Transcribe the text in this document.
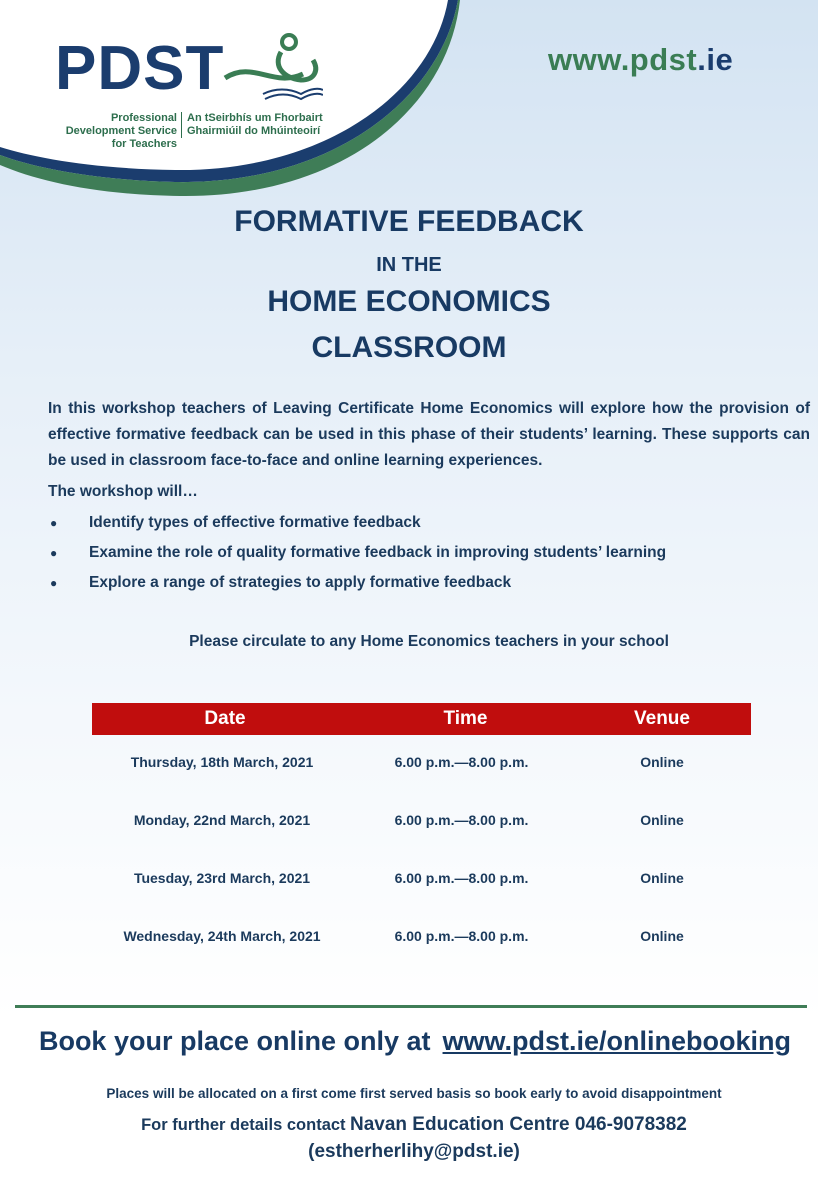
PDST
Professional Development Service for Teachers
An tSeirbhís um Fhorbairt Ghairmiúil do Mhúinteoirí
www.pdst.ie
FORMATIVE FEEDBACK
IN THE
HOME ECONOMICS
CLASSROOM
In this workshop teachers of Leaving Certificate Home Economics will explore how the provision of effective formative feedback can be used in this phase of their students’ learning. These supports can be used in classroom face-to-face and online learning experiences.
The workshop will…
● Identify types of effective formative feedback
● Examine the role of quality formative feedback in improving students’ learning
● Explore a range of strategies to apply formative feedback
Please circulate to any Home Economics teachers in your school
Date	Time	Venue
Thursday, 18th March, 2021	6.00 p.m.—8.00 p.m.	Online
Monday, 22nd March, 2021	6.00 p.m.—8.00 p.m.	Online
Tuesday, 23rd March, 2021	6.00 p.m.—8.00 p.m.	Online
Wednesday, 24th March, 2021	6.00 p.m.—8.00 p.m.	Online
Book your place online only at www.pdst.ie/onlinebooking
Places will be allocated on a first come first served basis so book early to avoid disappointment
For further details contact Navan Education Centre 046-9078382
(estherherlihy@pdst.ie)
